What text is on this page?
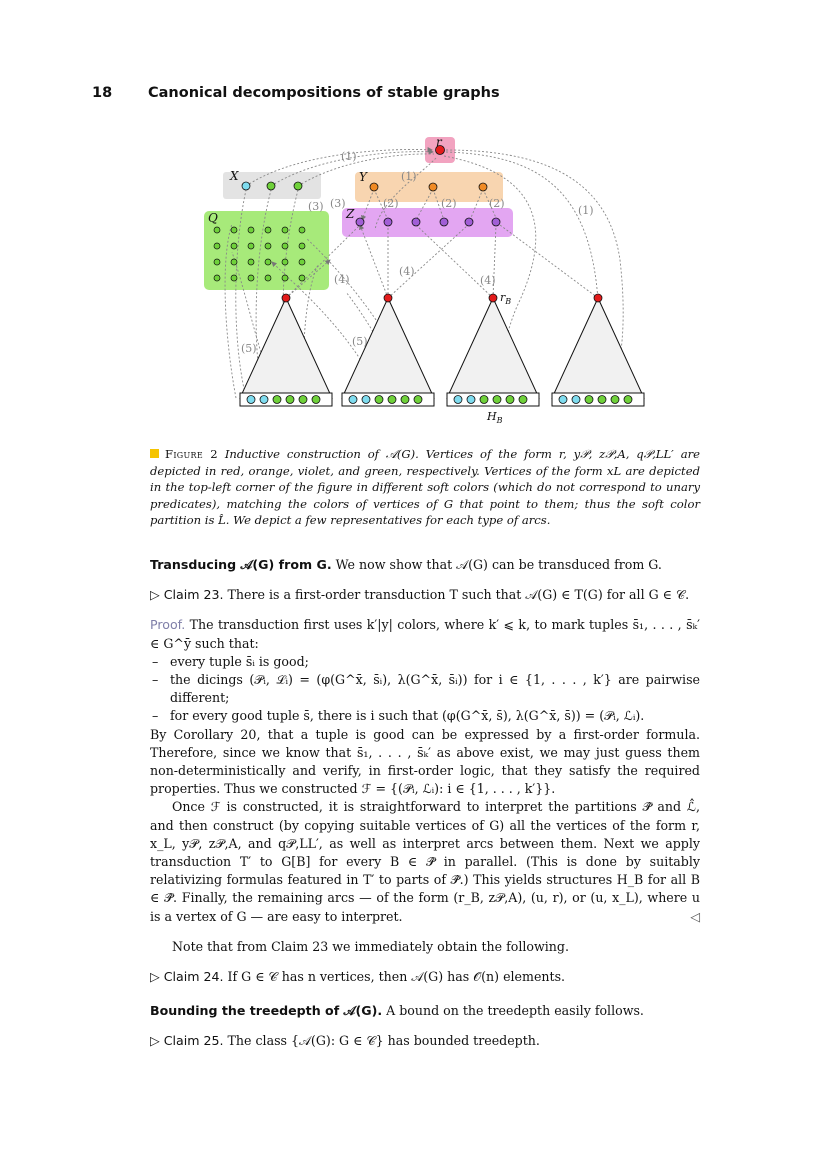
18 Canonical decompositions of stable graphs
r
X	Y
Z
Q
$r_B$
$H_B$
(1)
(1)
(1)
(2)	(2)	(2)
(3) (3)
(4)
(4)
(4)
(5)
(5)
Figure 2 Inductive construction of 𝒜(G). Vertices of the form r, y𝒫, z𝒫,A, q𝒫,LL′ are depicted in red, orange, violet, and green, respectively. Vertices of the form xL are depicted in the top-left corner of the figure in different soft colors (which do not correspond to unary predicates), matching the colors of vertices of G that point to them; thus the soft color partition is L̂. We depict a few representatives for each type of arcs.

Transducing 𝒜(G) from G. We now show that 𝒜(G) can be transduced from G.

▷ Claim 23. There is a first-order transduction T such that 𝒜(G) ∈ T(G) for all G ∈ 𝒞.

Proof. The transduction first uses k′|y| colors, where k′ ⩽ k, to mark tuples s̄₁, . . . , s̄ₖ′ ∈ G^ȳ such that:
– every tuple s̄ᵢ is good;
– the dicings (𝒫ᵢ, ℒᵢ) = (φ(G^x̄, s̄ᵢ), λ(G^x̄, s̄ᵢ)) for i ∈ {1, . . . , k′} are pairwise different;
– for every good tuple s̄, there is i such that (φ(G^x̄, s̄), λ(G^x̄, s̄)) = (𝒫ᵢ, ℒᵢ).
By Corollary 20, that a tuple is good can be expressed by a first-order formula. Therefore, since we know that s̄₁, . . . , s̄ₖ′ as above exist, we may just guess them non-deterministically and verify, in first-order logic, that they satisfy the required properties. Thus we constructed ℱ = {(𝒫ᵢ, ℒᵢ): i ∈ {1, . . . , k′}}.
Once ℱ is constructed, it is straightforward to interpret the partitions 𝒫̂ and ℒ̂, and then construct (by copying suitable vertices of G) all the vertices of the form r, x_L, y𝒫, z𝒫,A, and q𝒫,LL′, as well as interpret arcs between them. Next we apply transduction T′ to G[B] for every B ∈ 𝒫̂ in parallel. (This is done by suitably relativizing formulas featured in T′ to parts of 𝒫̂.) This yields structures H_B for all B ∈ 𝒫̂. Finally, the remaining arcs — of the form (r_B, z𝒫,A), (u, r), or (u, x_L), where u is a vertex of G — are easy to interpret.	◁

Note that from Claim 23 we immediately obtain the following.

▷ Claim 24. If G ∈ 𝒞 has n vertices, then 𝒜(G) has 𝒪(n) elements.

Bounding the treedepth of 𝒜(G). A bound on the treedepth easily follows.

▷ Claim 25. The class {𝒜(G): G ∈ 𝒞} has bounded treedepth.
